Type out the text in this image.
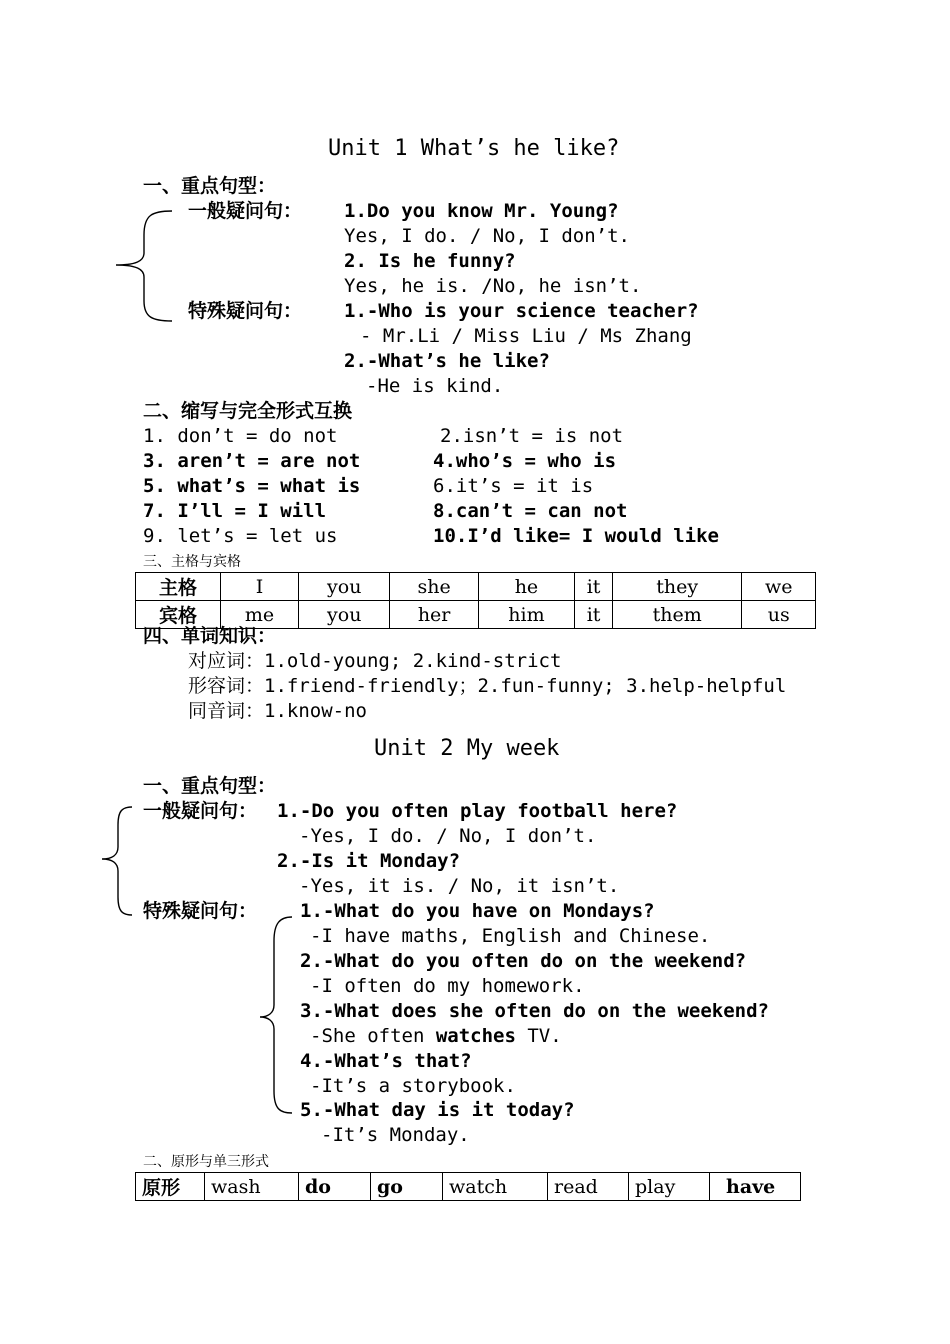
Unit 1 What’s he like?
一、重点句型：
一般疑问句： 1.Do you know Mr. Young?
Yes, I do. / No, I don’t.
2. Is he funny?
Yes, he is. /No, he isn’t.
特殊疑问句： 1.-Who is your science teacher?
- Mr.Li / Miss Liu / Ms Zhang
2.-What’s he like?
-He is kind.
二、缩写与完全形式互换
1. don’t = do not	2.isn’t = is not
3. aren’t = are not	4.who’s = who is
5. what’s = what is	6.it’s = it is
7. I’ll = I will	8.can’t = can not
9. let’s = let us	10.I’d like= I would like
三、主格与宾格
主格	I	you	she	he	it	they	we
宾格	me	you	her	him	it	them	us
四、单词知识：
对应词：1.old-young; 2.kind-strict
形容词：1.friend-friendly；2.fun-funny; 3.help-helpful
同音词：1.know-no
Unit 2 My week
一、重点句型：
一般疑问句： 1.-Do you often play football here?
-Yes, I do. / No, I don’t.
2.-Is it Monday?
-Yes, it is. / No, it isn’t.
特殊疑问句： 1.-What do you have on Mondays?
-I have maths, English and Chinese.
2.-What do you often do on the weekend?
-I often do my homework.
3.-What does she often do on the weekend?
-She often watches TV.
4.-What’s that?
-It’s a storybook.
5.-What day is it today?
-It’s Monday.
二、原形与单三形式
原形	wash	do	go	watch	read	play	have
